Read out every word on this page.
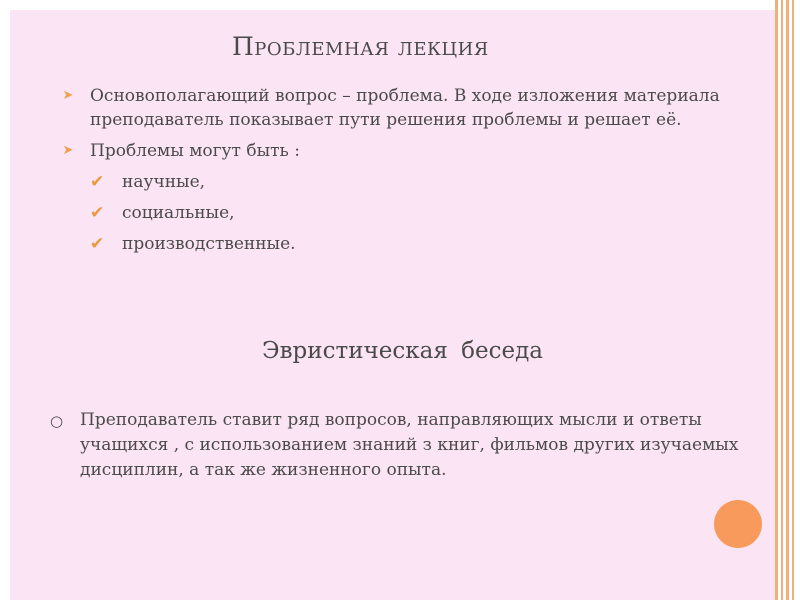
Проблемная лекция
➤ Основополагающий вопрос – проблема. В ходе изложения материала преподаватель показывает пути решения проблемы и решает её.
➤ Проблемы могут быть :
✔	научные,
✔	социальные,
✔	производственные.
Эвристическая беседа
○ Преподаватель ставит ряд вопросов, направляющих мысли и ответы учащихся , с использованием знаний з книг, фильмов других изучаемых дисциплин, а так же жизненного опыта.
